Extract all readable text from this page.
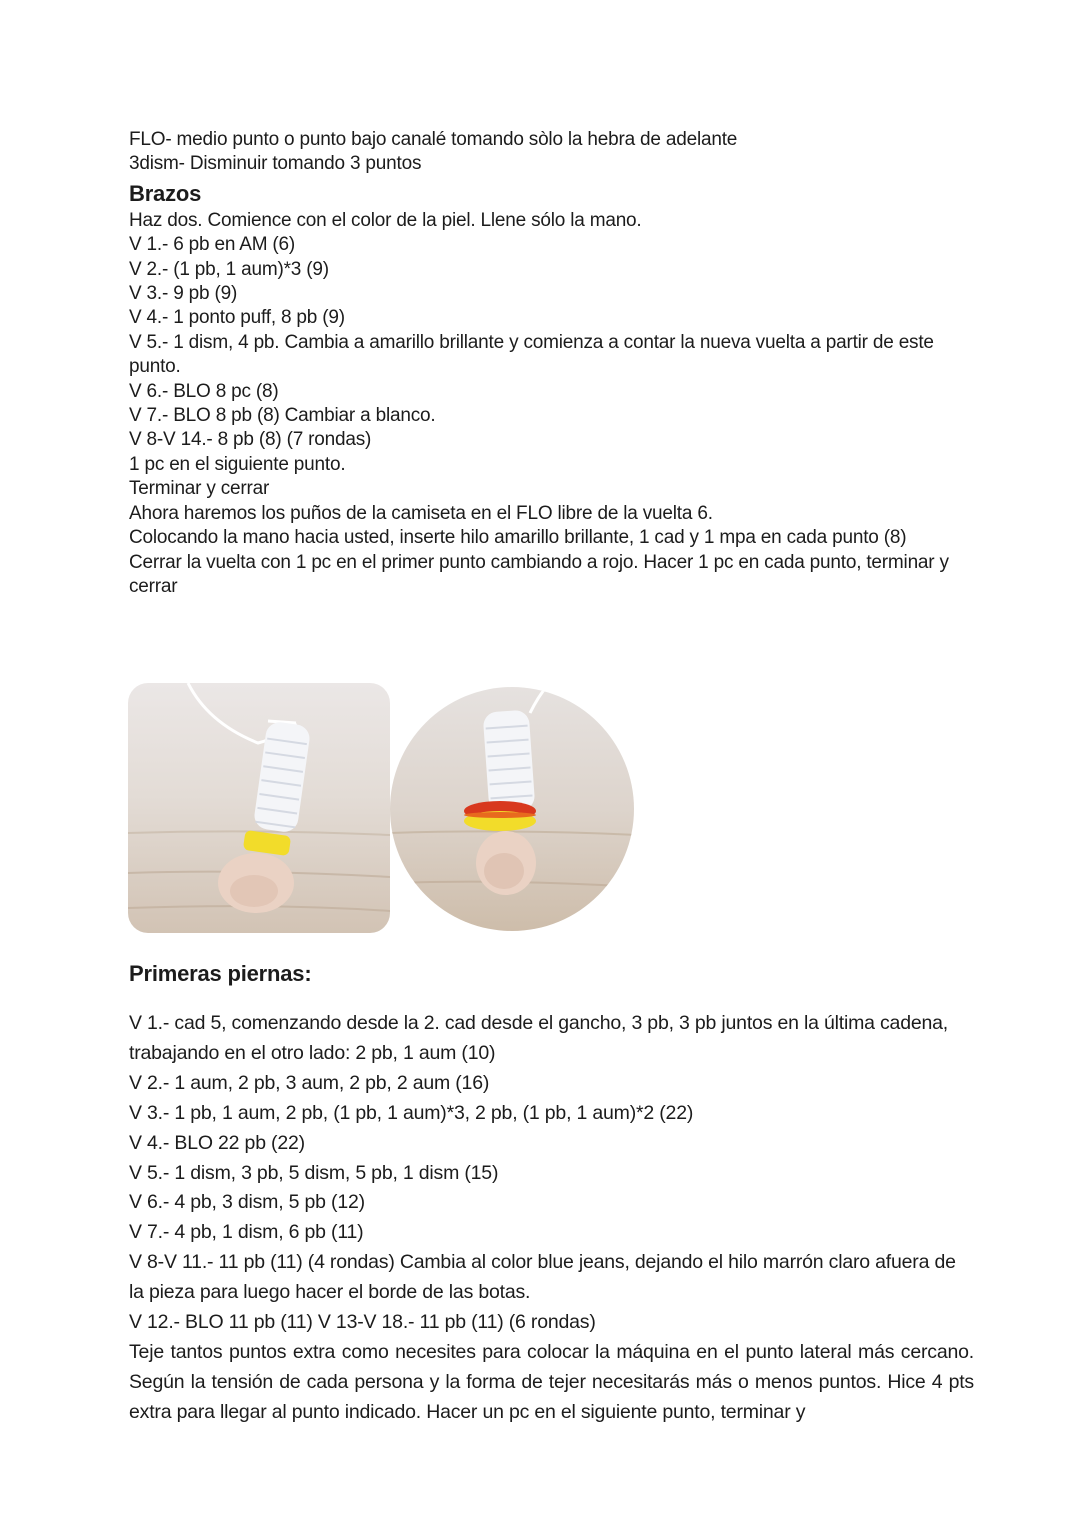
FLO- medio punto o punto bajo canalé tomando sòlo la hebra de adelante

3dism- Disminuir tomando 3 puntos

Brazos

Haz dos. Comience con el color de la piel. Llene sólo la mano.

V 1.- 6 pb en AM (6)

V 2.- (1 pb, 1 aum)*3 (9)

V 3.- 9 pb (9)

V 4.- 1 ponto puff, 8 pb (9)

V 5.- 1 dism, 4 pb. Cambia a amarillo brillante y comienza a contar la nueva vuelta a partir de este punto.

V 6.- BLO 8 pc (8)

V 7.- BLO 8 pb (8) Cambiar a blanco.

V 8-V 14.- 8 pb (8) (7 rondas)

1 pc en el siguiente punto.

Terminar y cerrar

Ahora haremos los puños de la camiseta en el FLO libre de la vuelta 6.

Colocando la mano hacia usted, inserte hilo amarillo brillante, 1 cad y 1 mpa en cada punto (8)

Cerrar la vuelta con 1 pc en el primer punto cambiando a rojo. Hacer 1 pc en cada punto, terminar y cerrar

Primeras piernas:

V 1.- cad 5, comenzando desde la 2. cad desde el gancho, 3 pb, 3 pb juntos en la última cadena, trabajando en el otro lado: 2 pb, 1 aum (10)

V 2.- 1 aum, 2 pb, 3 aum, 2 pb, 2 aum (16)

V 3.- 1 pb, 1 aum, 2 pb, (1 pb, 1 aum)*3, 2 pb, (1 pb, 1 aum)*2 (22)

V 4.- BLO 22 pb (22)

V 5.- 1 dism, 3 pb, 5 dism, 5 pb, 1 dism (15)

V 6.- 4 pb, 3 dism, 5 pb (12)

V 7.- 4 pb, 1 dism, 6 pb (11)

V 8-V 11.- 11 pb (11) (4 rondas) Cambia al color blue jeans, dejando el hilo marrón claro afuera de la pieza para luego hacer el borde de las botas.

V 12.- BLO 11 pb (11) V 13-V 18.- 11 pb (11) (6 rondas)

Teje tantos puntos extra como necesites para colocar la máquina en el punto lateral más cercano. Según la tensión de cada persona y la forma de tejer necesitarás más o menos puntos. Hice 4 pts extra para llegar al punto indicado. Hacer un pc en el siguiente punto, terminar y
